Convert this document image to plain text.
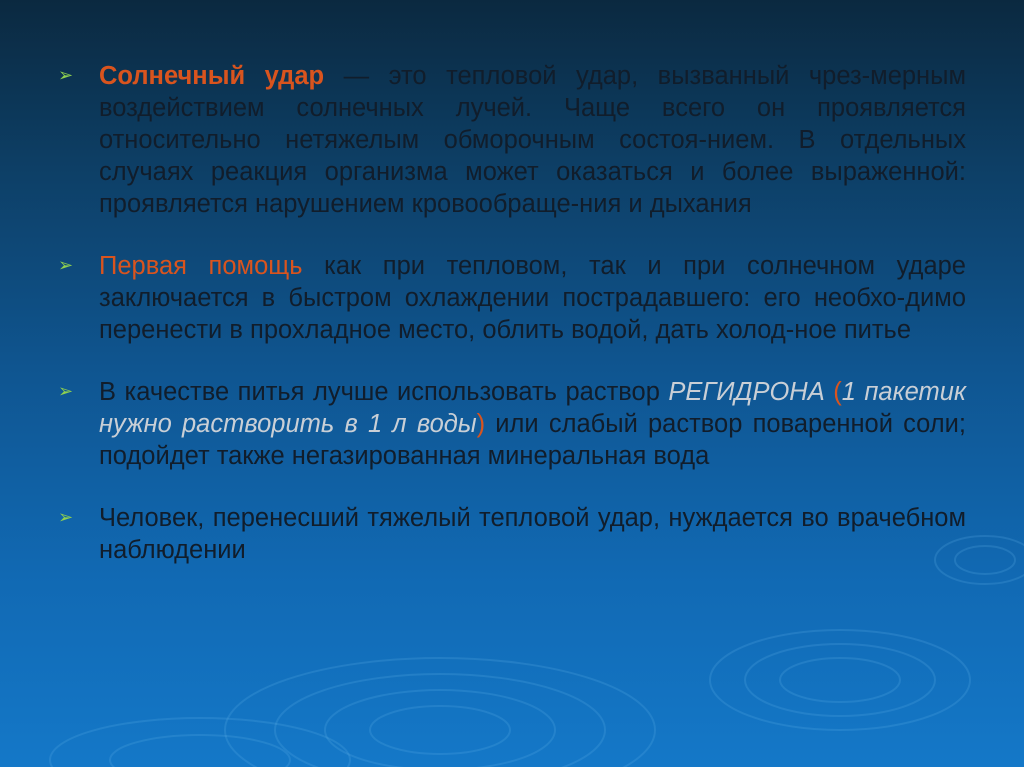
➢ Солнечный удар — это тепловой удар, вызванный чрез-мерным воздействием солнечных лучей. Чаще всего он проявляется относительно нетяжелым обморочным состоя-нием. В отдельных случаях реакция организма может оказаться и более выраженной: проявляется нарушением кровообраще-ния и дыхания
➢ Первая помощь как при тепловом, так и при солнечном ударе заключается в быстром охлаждении пострадавшего: его необхо-димо перенести в прохладное место, облить водой, дать холод-ное питье
➢ В качестве питья лучше использовать раствор РЕГИДРОНА (1 пакетик нужно растворить в 1 л воды) или слабый раствор поваренной соли; подойдет также негазированная минеральная вода
➢ Человек, перенесший тяжелый тепловой удар, нуждается во врачебном наблюдении
